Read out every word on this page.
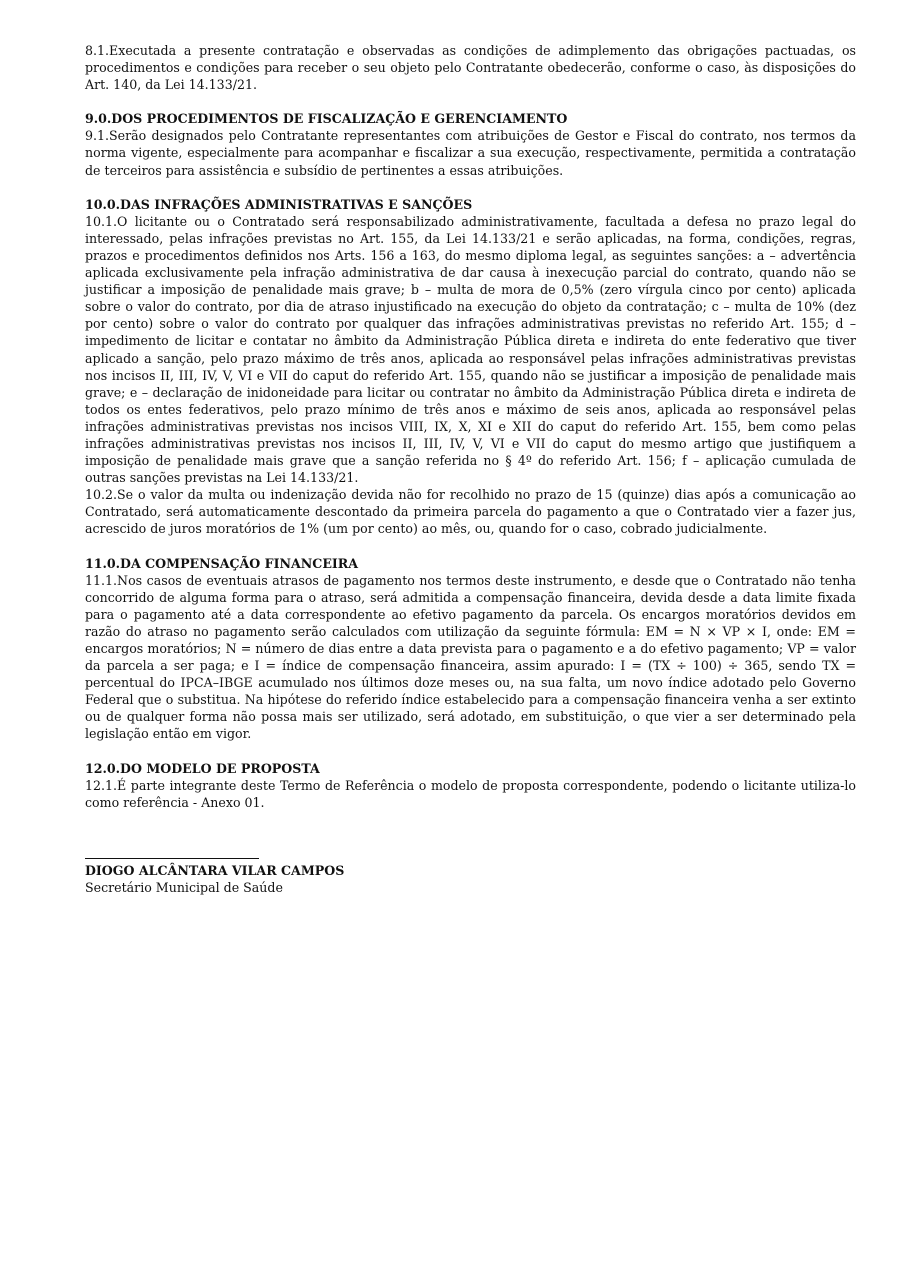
8.1.Executada a presente contratação e observadas as condições de adimplemento das obrigações pactuadas, os procedimentos e condições para receber o seu objeto pelo Contratante obedecerão, conforme o caso, às disposições do Art. 140, da Lei 14.133/21.

9.0.DOS PROCEDIMENTOS DE FISCALIZAÇÃO E GERENCIAMENTO

9.1.Serão designados pelo Contratante representantes com atribuições de Gestor e Fiscal do contrato, nos termos da norma vigente, especialmente para acompanhar e fiscalizar a sua execução, respectivamente, permitida a contratação de terceiros para assistência e subsídio de pertinentes a essas atribuições.

10.0.DAS INFRAÇÕES ADMINISTRATIVAS E SANÇÕES

10.1.O licitante ou o Contratado será responsabilizado administrativamente, facultada a defesa no prazo legal do interessado, pelas infrações previstas no Art. 155, da Lei 14.133/21 e serão aplicadas, na forma, condições, regras, prazos e procedimentos definidos nos Arts. 156 a 163, do mesmo diploma legal, as seguintes sanções: a – advertência aplicada exclusivamente pela infração administrativa de dar causa à inexecução parcial do contrato, quando não se justificar a imposição de penalidade mais grave; b – multa de mora de 0,5% (zero vírgula cinco por cento) aplicada sobre o valor do contrato, por dia de atraso injustificado na execução do objeto da contratação; c – multa de 10% (dez por cento) sobre o valor do contrato por qualquer das infrações administrativas previstas no referido Art. 155; d – impedimento de licitar e contatar no âmbito da Administração Pública direta e indireta do ente federativo que tiver aplicado a sanção, pelo prazo máximo de três anos, aplicada ao responsável pelas infrações administrativas previstas nos incisos II, III, IV, V, VI e VII do caput do referido Art. 155, quando não se justificar a imposição de penalidade mais grave; e – declaração de inidoneidade para licitar ou contratar no âmbito da Administração Pública direta e indireta de todos os entes federativos, pelo prazo mínimo de três anos e máximo de seis anos, aplicada ao responsável pelas infrações administrativas previstas nos incisos VIII, IX, X, XI e XII do caput do referido Art. 155, bem como pelas infrações administrativas previstas nos incisos II, III, IV, V, VI e VII do caput do mesmo artigo que justifiquem a imposição de penalidade mais grave que a sanção referida no § 4º do referido Art. 156; f – aplicação cumulada de outras sanções previstas na Lei 14.133/21.

10.2.Se o valor da multa ou indenização devida não for recolhido no prazo de 15 (quinze) dias após a comunicação ao Contratado, será automaticamente descontado da primeira parcela do pagamento a que o Contratado vier a fazer jus, acrescido de juros moratórios de 1% (um por cento) ao mês, ou, quando for o caso, cobrado judicialmente.

11.0.DA COMPENSAÇÃO FINANCEIRA

11.1.Nos casos de eventuais atrasos de pagamento nos termos deste instrumento, e desde que o Contratado não tenha concorrido de alguma forma para o atraso, será admitida a compensação financeira, devida desde a data limite fixada para o pagamento até a data correspondente ao efetivo pagamento da parcela. Os encargos moratórios devidos em razão do atraso no pagamento serão calculados com utilização da seguinte fórmula: EM = N × VP × I, onde: EM = encargos moratórios; N = número de dias entre a data prevista para o pagamento e a do efetivo pagamento; VP = valor da parcela a ser paga; e I = índice de compensação financeira, assim apurado: I = (TX ÷ 100) ÷ 365, sendo TX = percentual do IPCA–IBGE acumulado nos últimos doze meses ou, na sua falta, um novo índice adotado pelo Governo Federal que o substitua. Na hipótese do referido índice estabelecido para a compensação financeira venha a ser extinto ou de qualquer forma não possa mais ser utilizado, será adotado, em substituição, o que vier a ser determinado pela legislação então em vigor.

12.0.DO MODELO DE PROPOSTA

12.1.É parte integrante deste Termo de Referência o modelo de proposta correspondente, podendo o licitante utiliza-lo como referência - Anexo 01.

DIOGO ALCÂNTARA VILAR CAMPOS

Secretário Municipal de Saúde
